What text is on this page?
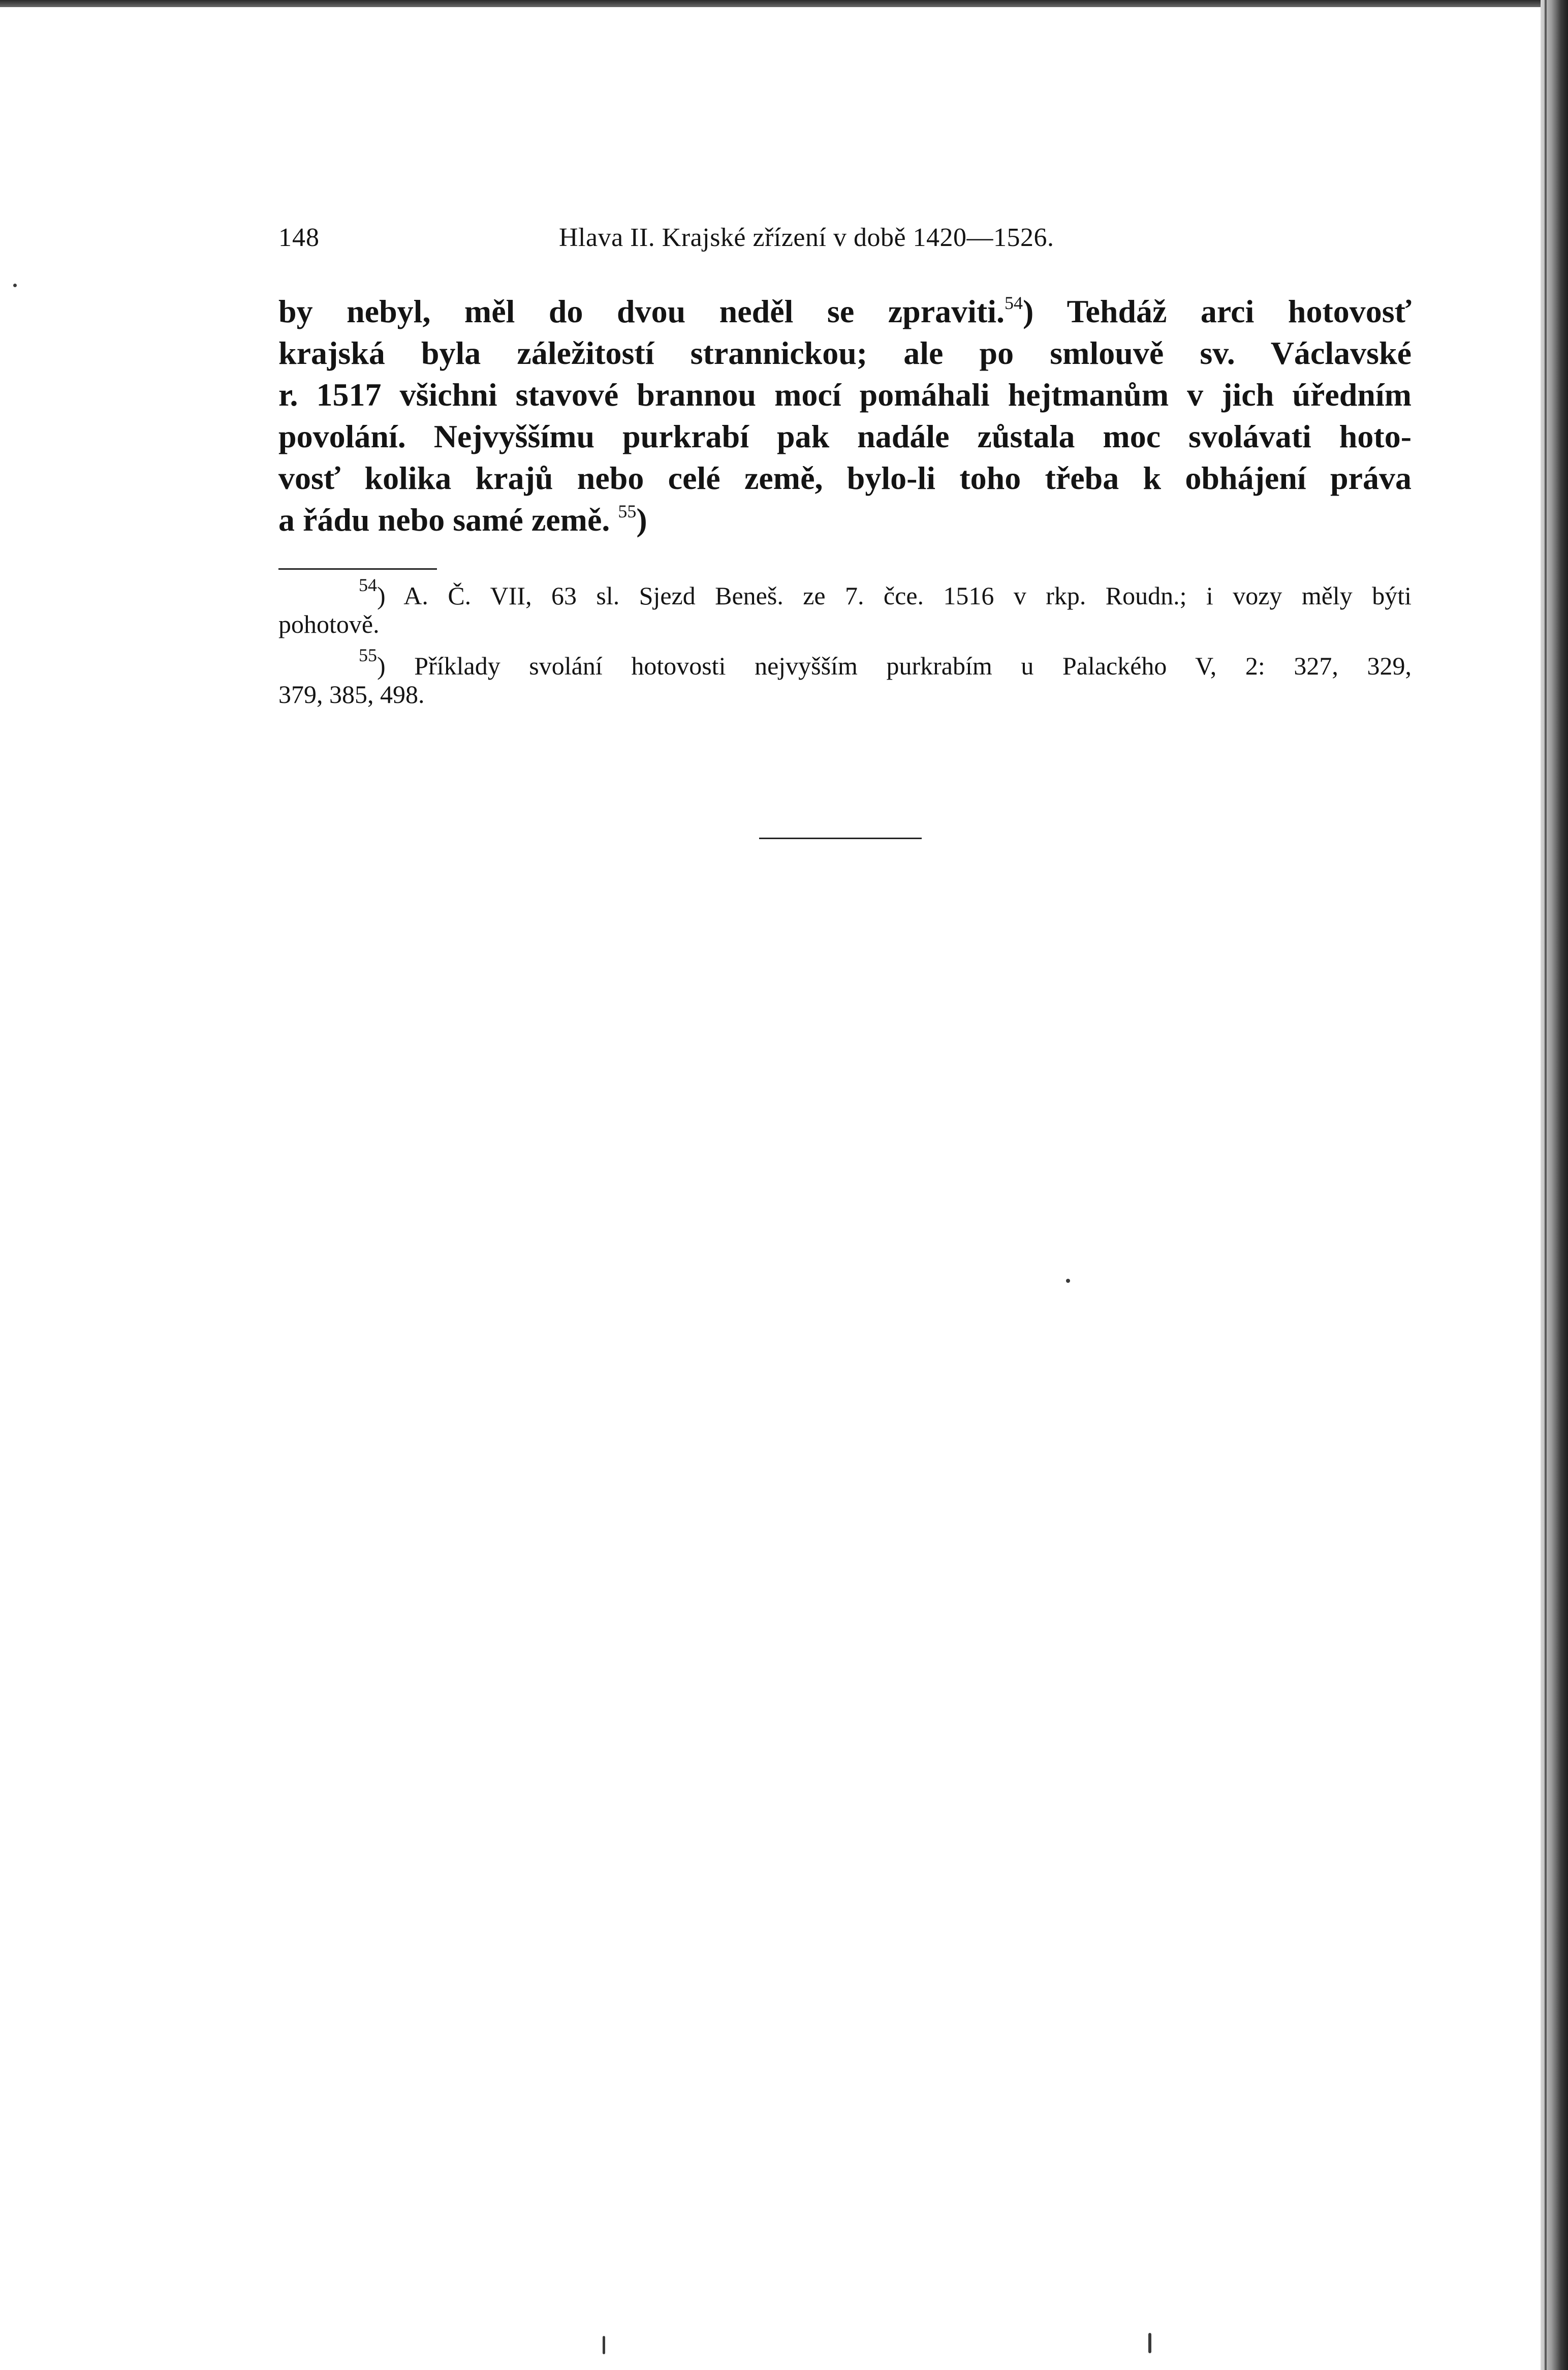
148	Hlava II. Krajské zřízení v době 1420—1526.
by nebyl, měl do dvou neděl se zpraviti.$^{54}$) Tehdáž arci hotovosť
krajská byla záležitostí strannickou; ale po smlouvě sv. Václavské
r. 1517 všichni stavové brannou mocí pomáhali hejtmanům v jich úředním
povolání. Nejvyššímu purkrabí pak nadále zůstala moc svolávati hoto-
vosť kolika krajů nebo celé země, bylo-li toho třeba k obhájení práva
a řádu nebo samé země. $^{55}$)
$^{54}$) A. Č. VII, 63 sl. Sjezd Beneš. ze 7. čce. 1516 v rkp. Roudn.; i vozy měly býti
pohotově.
$^{55}$) Příklady svolání hotovosti nejvyšším purkrabím u Palackého V, 2: 327, 329,
379, 385, 498.
